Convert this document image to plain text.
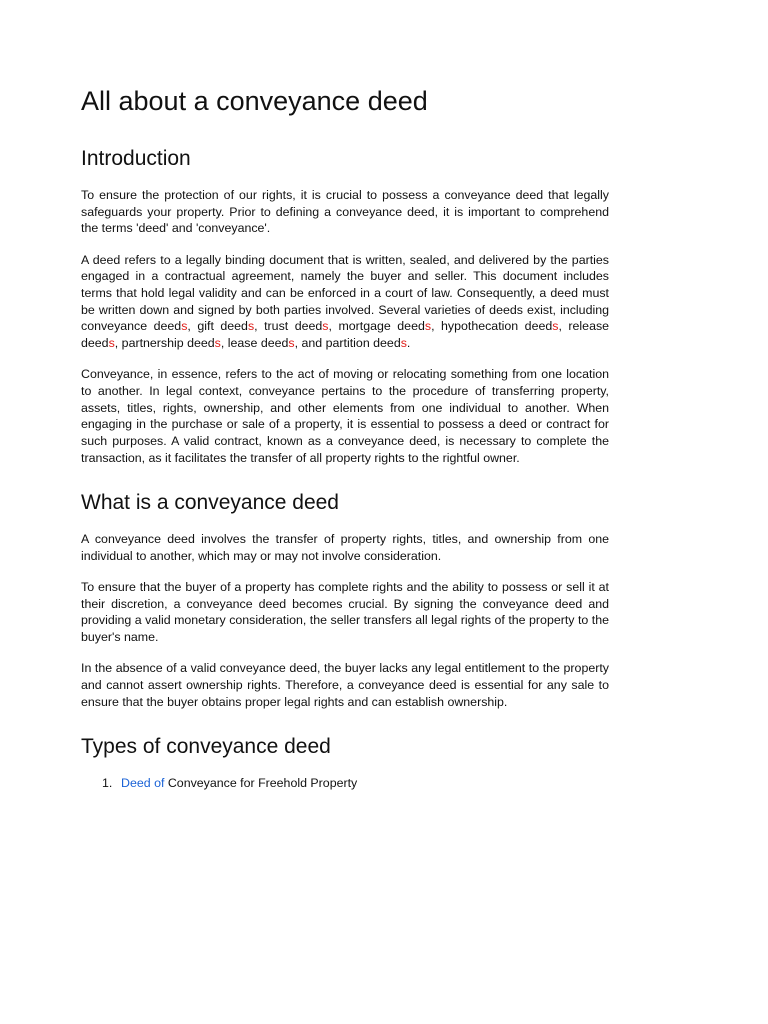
All about a conveyance deed
Introduction

To ensure the protection of our rights, it is crucial to possess a conveyance deed that legally safeguards your property. Prior to defining a conveyance deed, it is important to comprehend the terms 'deed' and 'conveyance'.

A deed refers to a legally binding document that is written, sealed, and delivered by the parties engaged in a contractual agreement, namely the buyer and seller. This document includes terms that hold legal validity and can be enforced in a court of law. Consequently, a deed must be written down and signed by both parties involved. Several varieties of deeds exist, including conveyance deeds, gift deeds, trust deeds, mortgage deeds, hypothecation deeds, release deeds, partnership deeds, lease deeds, and partition deeds.

Conveyance, in essence, refers to the act of moving or relocating something from one location to another. In legal context, conveyance pertains to the procedure of transferring property, assets, titles, rights, ownership, and other elements from one individual to another. When engaging in the purchase or sale of a property, it is essential to possess a deed or contract for such purposes. A valid contract, known as a conveyance deed, is necessary to complete the transaction, as it facilitates the transfer of all property rights to the rightful owner.

What is a conveyance deed

A conveyance deed involves the transfer of property rights, titles, and ownership from one individual to another, which may or may not involve consideration.

To ensure that the buyer of a property has complete rights and the ability to possess or sell it at their discretion, a conveyance deed becomes crucial. By signing the conveyance deed and providing a valid monetary consideration, the seller transfers all legal rights of the property to the buyer's name.

In the absence of a valid conveyance deed, the buyer lacks any legal entitlement to the property and cannot assert ownership rights. Therefore, a conveyance deed is essential for any sale to ensure that the buyer obtains proper legal rights and can establish ownership.

Types of conveyance deed
1. Deed of Conveyance for Freehold Property
